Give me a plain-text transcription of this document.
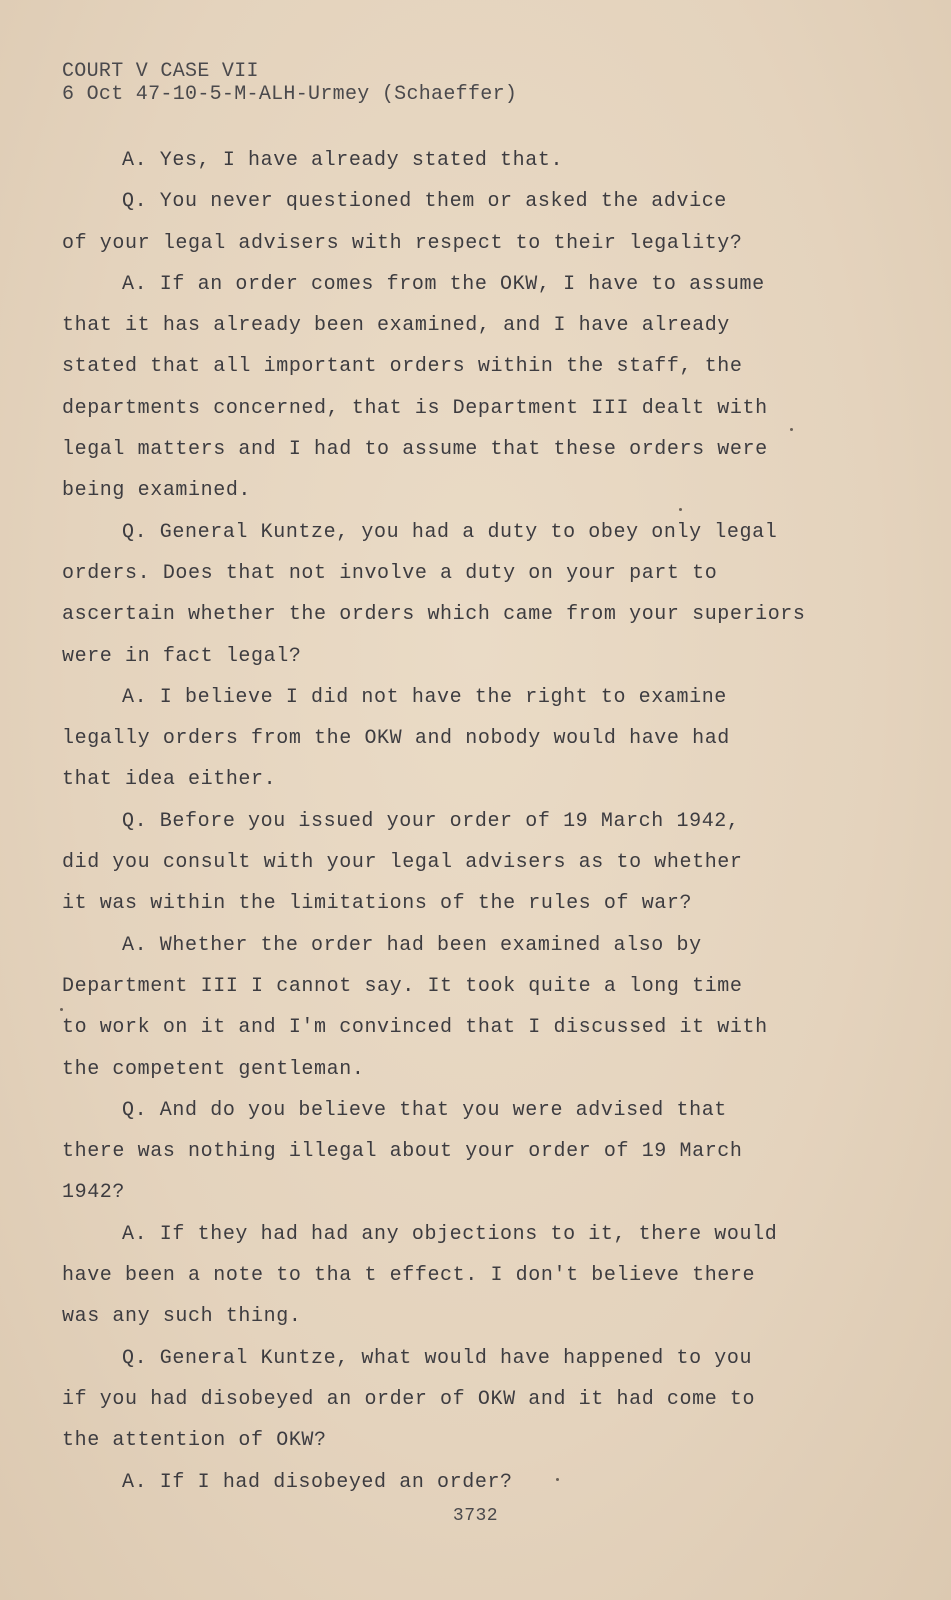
COURT V CASE VII
6 Oct 47-10-5-M-ALH-Urmey (Schaeffer)
A. Yes, I have already stated that.
Q. You never questioned them or asked the advice
of your legal advisers with respect to their legality?
A. If an order comes from the OKW, I have to assume
that it has already been examined, and I have already
stated that all important orders within the staff, the
departments concerned, that is Department III dealt with
legal matters and I had to assume that these orders were
being examined.
Q. General Kuntze, you had a duty to obey only legal
orders. Does that not involve a duty on your part to
ascertain whether the orders which came from your superiors
were in fact legal?
A. I believe I did not have the right to examine
legally orders from the OKW and nobody would have had
that idea either.
Q. Before you issued your order of 19 March 1942,
did you consult with your legal advisers as to whether
it was within the limitations of the rules of war?
A. Whether the order had been examined also by
Department III I cannot say. It took quite a long time
to work on it and I'm convinced that I discussed it with
the competent gentleman.
Q. And do you believe that you were advised that
there was nothing illegal about your order of 19 March
1942?
A. If they had had any objections to it, there would
have been a note to tha t effect. I don't believe there
was any such thing.
Q. General Kuntze, what would have happened to you
if you had disobeyed an order of OKW and it had come to
the attention of OKW?
A. If I had disobeyed an order?
3732
